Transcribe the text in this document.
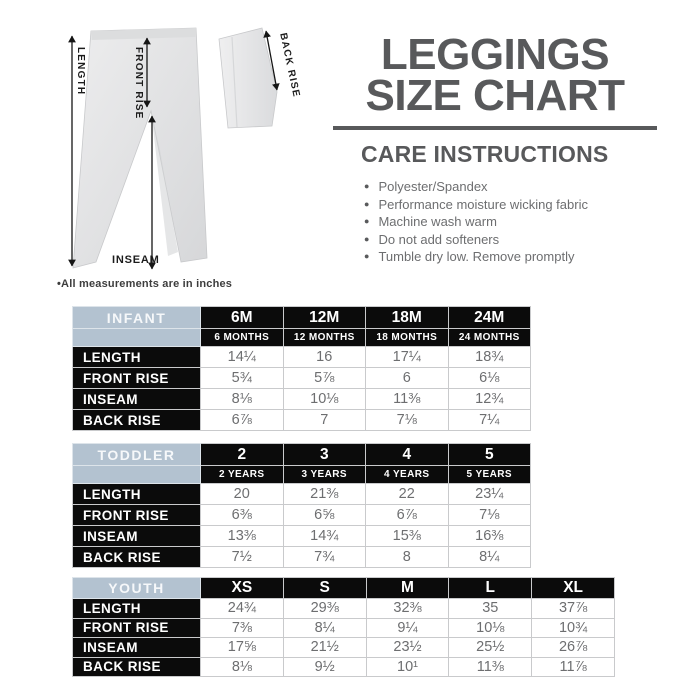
LENGTH	FRONT RISE
INSEAM
BACK RISE
•All measurements are in inches
LEGGINGS
SIZE CHART
CARE INSTRUCTIONS
● Polyester/Spandex
● Performance moisture wicking fabric
● Machine wash warm
● Do not add softeners
● Tumble dry low. Remove promptly
INFANT	6M	12M	18M	24M
	6 MONTHS	12 MONTHS	18 MONTHS	24 MONTHS
LENGTH	14¼	16	17¼	18¾
FRONT RISE	5¾	5⅞	6	6⅛
INSEAM	8⅛	10⅛	11⅜	12¾
BACK RISE	6⅞	7	7⅛	7¼
TODDLER	2	3	4	5
	2 YEARS	3 YEARS	4 YEARS	5 YEARS
LENGTH	20	21⅜	22	23¼
FRONT RISE	6⅜	6⅝	6⅞	7⅛
INSEAM	13⅜	14¾	15⅜	16⅜
BACK RISE	7½	7¾	8	8¼
YOUTH	XS	S	M	L	XL
LENGTH	24¾	29⅜	32⅜	35	37⅞
FRONT RISE	7⅜	8¼	9¼	10⅛	10¾
INSEAM	17⅝	21½	23½	25½	26⅞
BACK RISE	8⅛	9½	10¹	11⅜	11⅞
